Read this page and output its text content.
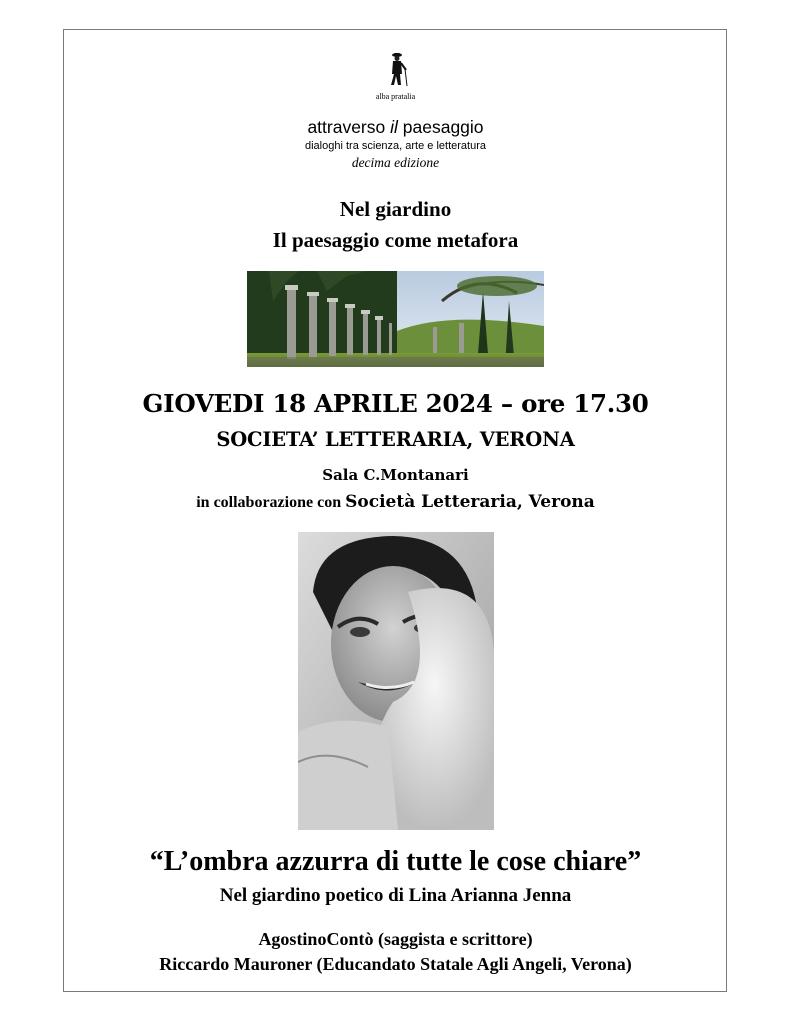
alba pratalia
attraverso il paesaggio
dialoghi tra scienza, arte e letteratura
decima edizione
Nel giardino
Il paesaggio come metafora
GIOVEDI 18 APRILE 2024 – ore 17.30
SOCIETA’ LETTERARIA, VERONA
Sala C.Montanari
in collaborazione con Società Letteraria, Verona
“L’ombra azzurra di tutte le cose chiare”
Nel giardino poetico di Lina Arianna Jenna
AgostinoContò (saggista e scrittore)
Riccardo Mauroner (Educandato Statale Agli Angeli, Verona)
